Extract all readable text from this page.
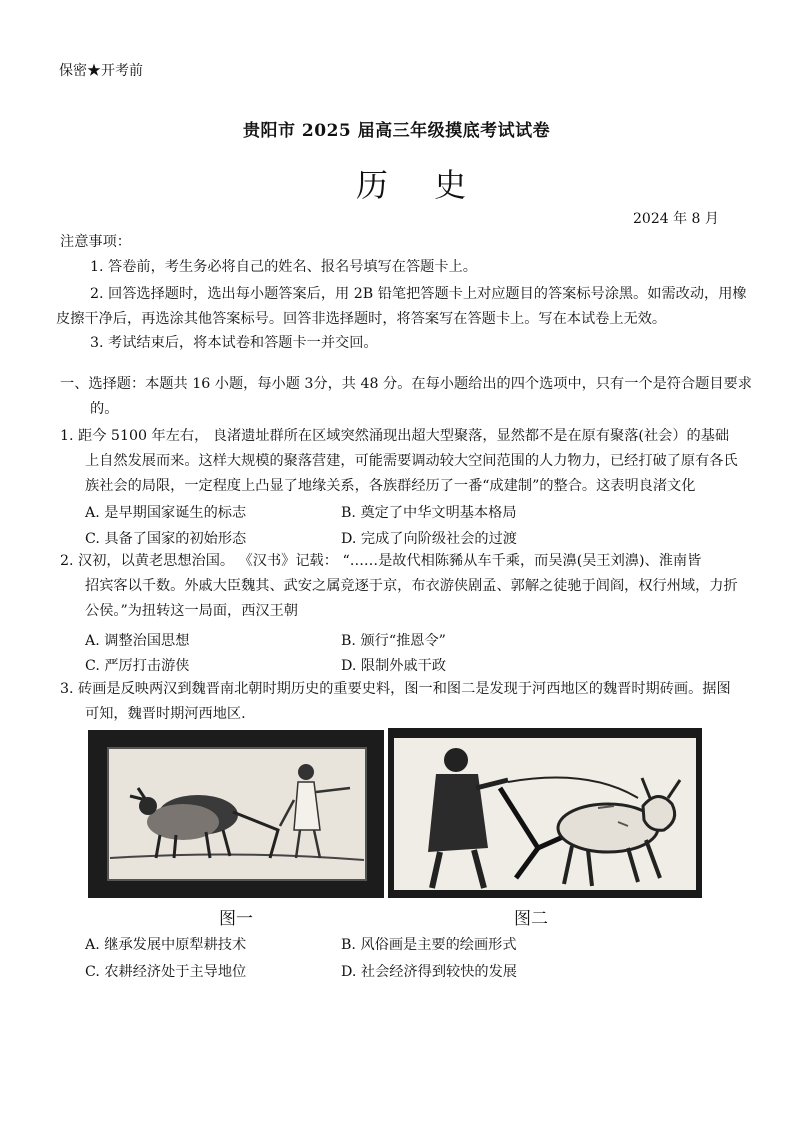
保密★开考前

贵阳市 2025 届高三年级摸底考试试卷

历 史

2024 年 8 月

注意事项：

1. 答卷前，考生务必将自己的姓名、报名号填写在答题卡上。

2. 回答选择题时，选出每小题答案后，用 2B 铅笔把答题卡上对应题目的答案标号涂黑。如需改动，用橡

皮擦干净后，再选涂其他答案标号。回答非选择题时，将答案写在答题卡上。写在本试卷上无效。

3. 考试结束后，将本试卷和答题卡一并交回。

一、选择题：本题共 16 小题，每小题 3分，共 48 分。在每小题给出的四个选项中，只有一个是符合题目要求

的。

1. 距今 5100 年左右， 良渚遗址群所在区域突然涌现出超大型聚落，显然都不是在原有聚落(社会）的基础

上自然发展而来。这样大规模的聚落营建，可能需要调动较大空间范围的人力物力，已经打破了原有各氏

族社会的局限，一定程度上凸显了地缘关系，各族群经历了一番“成建制”的整合。这表明良渚文化

A. 是早期国家诞生的标志	B. 奠定了中华文明基本格局

C. 具备了国家的初始形态	D. 完成了向阶级社会的过渡

2. 汉初，以黄老思想治国。 《汉书》记载： “……是故代相陈豨从车千乘，而吴濞(吴王刘濞)、淮南皆

招宾客以千数。外戚大臣魏其、武安之属竞逐于京，布衣游侠剧孟、郭解之徒驰于闾阎，权行州域，力折

公侯。”为扭转这一局面，西汉王朝

A. 调整治国思想	B. 颁行“推恩令”

C. 严厉打击游侠	D. 限制外戚干政

3. 砖画是反映两汉到魏晋南北朝时期历史的重要史料，图一和图二是发现于河西地区的魏晋时期砖画。据图

可知，魏晋时期河西地区.

图一	图二

A. 继承发展中原犁耕技术	B. 风俗画是主要的绘画形式

C. 农耕经济处于主导地位	D. 社会经济得到较快的发展
